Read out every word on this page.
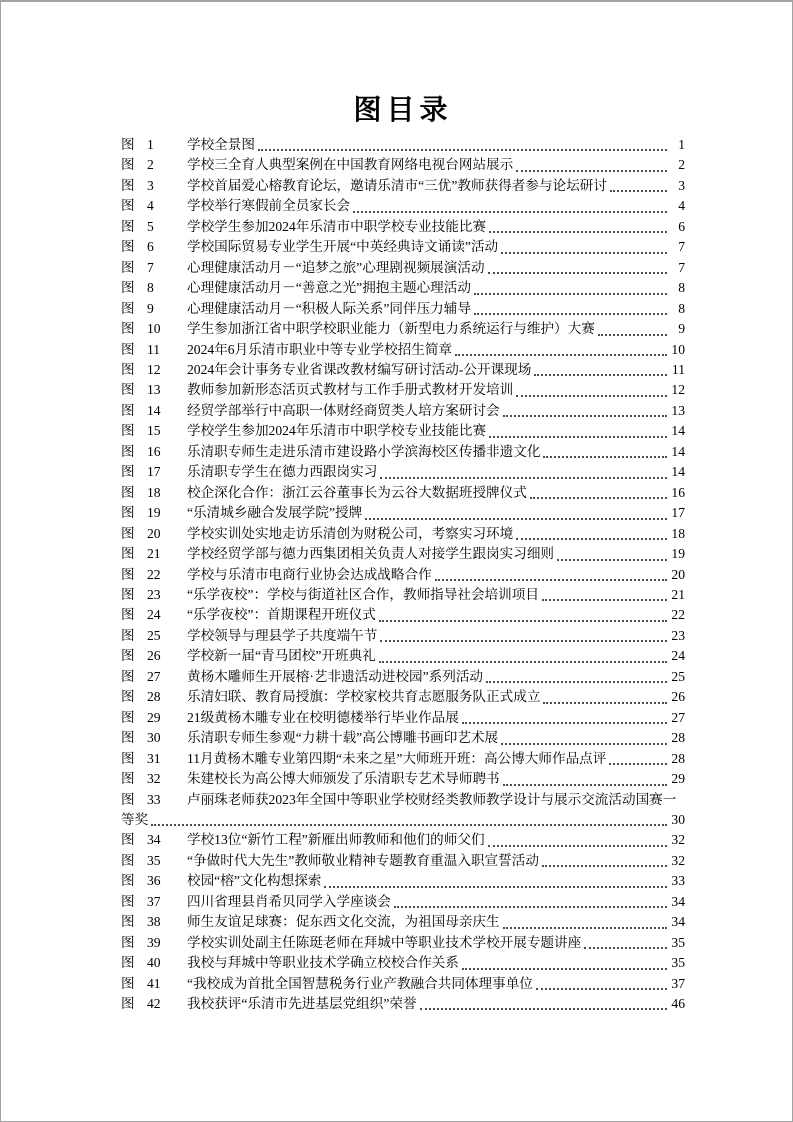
图目录
图 1	学校全景图	1
图 2	学校三全育人典型案例在中国教育网络电视台网站展示	2
图 3	学校首届爱心榕教育论坛，邀请乐清市“三优”教师获得者参与论坛研讨	3
图 4	学校举行寒假前全员家长会	4
图 5	学校学生参加2024年乐清市中职学校专业技能比赛	6
图 6	学校国际贸易专业学生开展“中英经典诗文诵读”活动	7
图 7	心理健康活动月－“追梦之旅”心理剧视频展演活动	7
图 8	心理健康活动月－“善意之光”拥抱主题心理活动	8
图 9	心理健康活动月－“积极人际关系”同伴压力辅导	8
图 10	学生参加浙江省中职学校职业能力（新型电力系统运行与维护）大赛	9
图 11	2024年6月乐清市职业中等专业学校招生简章	10
图 12	2024年会计事务专业省课改教材编写研讨活动-公开课现场	11
图 13	教师参加新形态活页式教材与工作手册式教材开发培训	12
图 14	经贸学部举行中高职一体财经商贸类人培方案研讨会	13
图 15	学校学生参加2024年乐清市中职学校专业技能比赛	14
图 16	乐清职专师生走进乐清市建设路小学滨海校区传播非遗文化	14
图 17	乐清职专学生在德力西跟岗实习	14
图 18	校企深化合作：浙江云谷董事长为云谷大数据班授牌仪式	16
图 19	“乐清城乡融合发展学院”授牌	17
图 20	学校实训处实地走访乐清创为财税公司，考察实习环境	18
图 21	学校经贸学部与德力西集团相关负责人对接学生跟岗实习细则	19
图 22	学校与乐清市电商行业协会达成战略合作	20
图 23	“乐学夜校”：学校与街道社区合作，教师指导社会培训项目	21
图 24	“乐学夜校”：首期课程开班仪式	22
图 25	学校领导与理县学子共度端午节	23
图 26	学校新一届“青马团校”开班典礼	24
图 27	黄杨木雕师生开展榕·艺非遗活动进校园”系列活动	25
图 28	乐清妇联、教育局授旗：学校家校共育志愿服务队正式成立	26
图 29	21级黄杨木雕专业在校明德楼举行毕业作品展	27
图 30	乐清职专师生参观“力耕十载”高公博雕书画印艺术展	28
图 31	11月黄杨木雕专业第四期“未来之星”大师班开班：高公博大师作品点评	28
图 32	朱建校长为高公博大师颁发了乐清职专艺术导师聘书	29
图 33	卢丽珠老师获2023年全国中等职业学校财经类教师教学设计与展示交流活动国赛一
等奖	30
图 34	学校13位“新竹工程”新雁出师教师和他们的师父们	32
图 35	“争做时代大先生”教师敬业精神专题教育重温入职宣誓活动	32
图 36	校园“榕”文化构想探索	33
图 37	四川省理县肖希贝同学入学座谈会	34
图 38	师生友谊足球赛：促东西文化交流，为祖国母亲庆生	34
图 39	学校实训处副主任陈珽老师在拜城中等职业技术学校开展专题讲座	35
图 40	我校与拜城中等职业技术学确立校校合作关系	35
图 41	“我校成为首批全国智慧税务行业产教融合共同体理事单位	37
图 42	我校获评“乐清市先进基层党组织”荣誉	46
